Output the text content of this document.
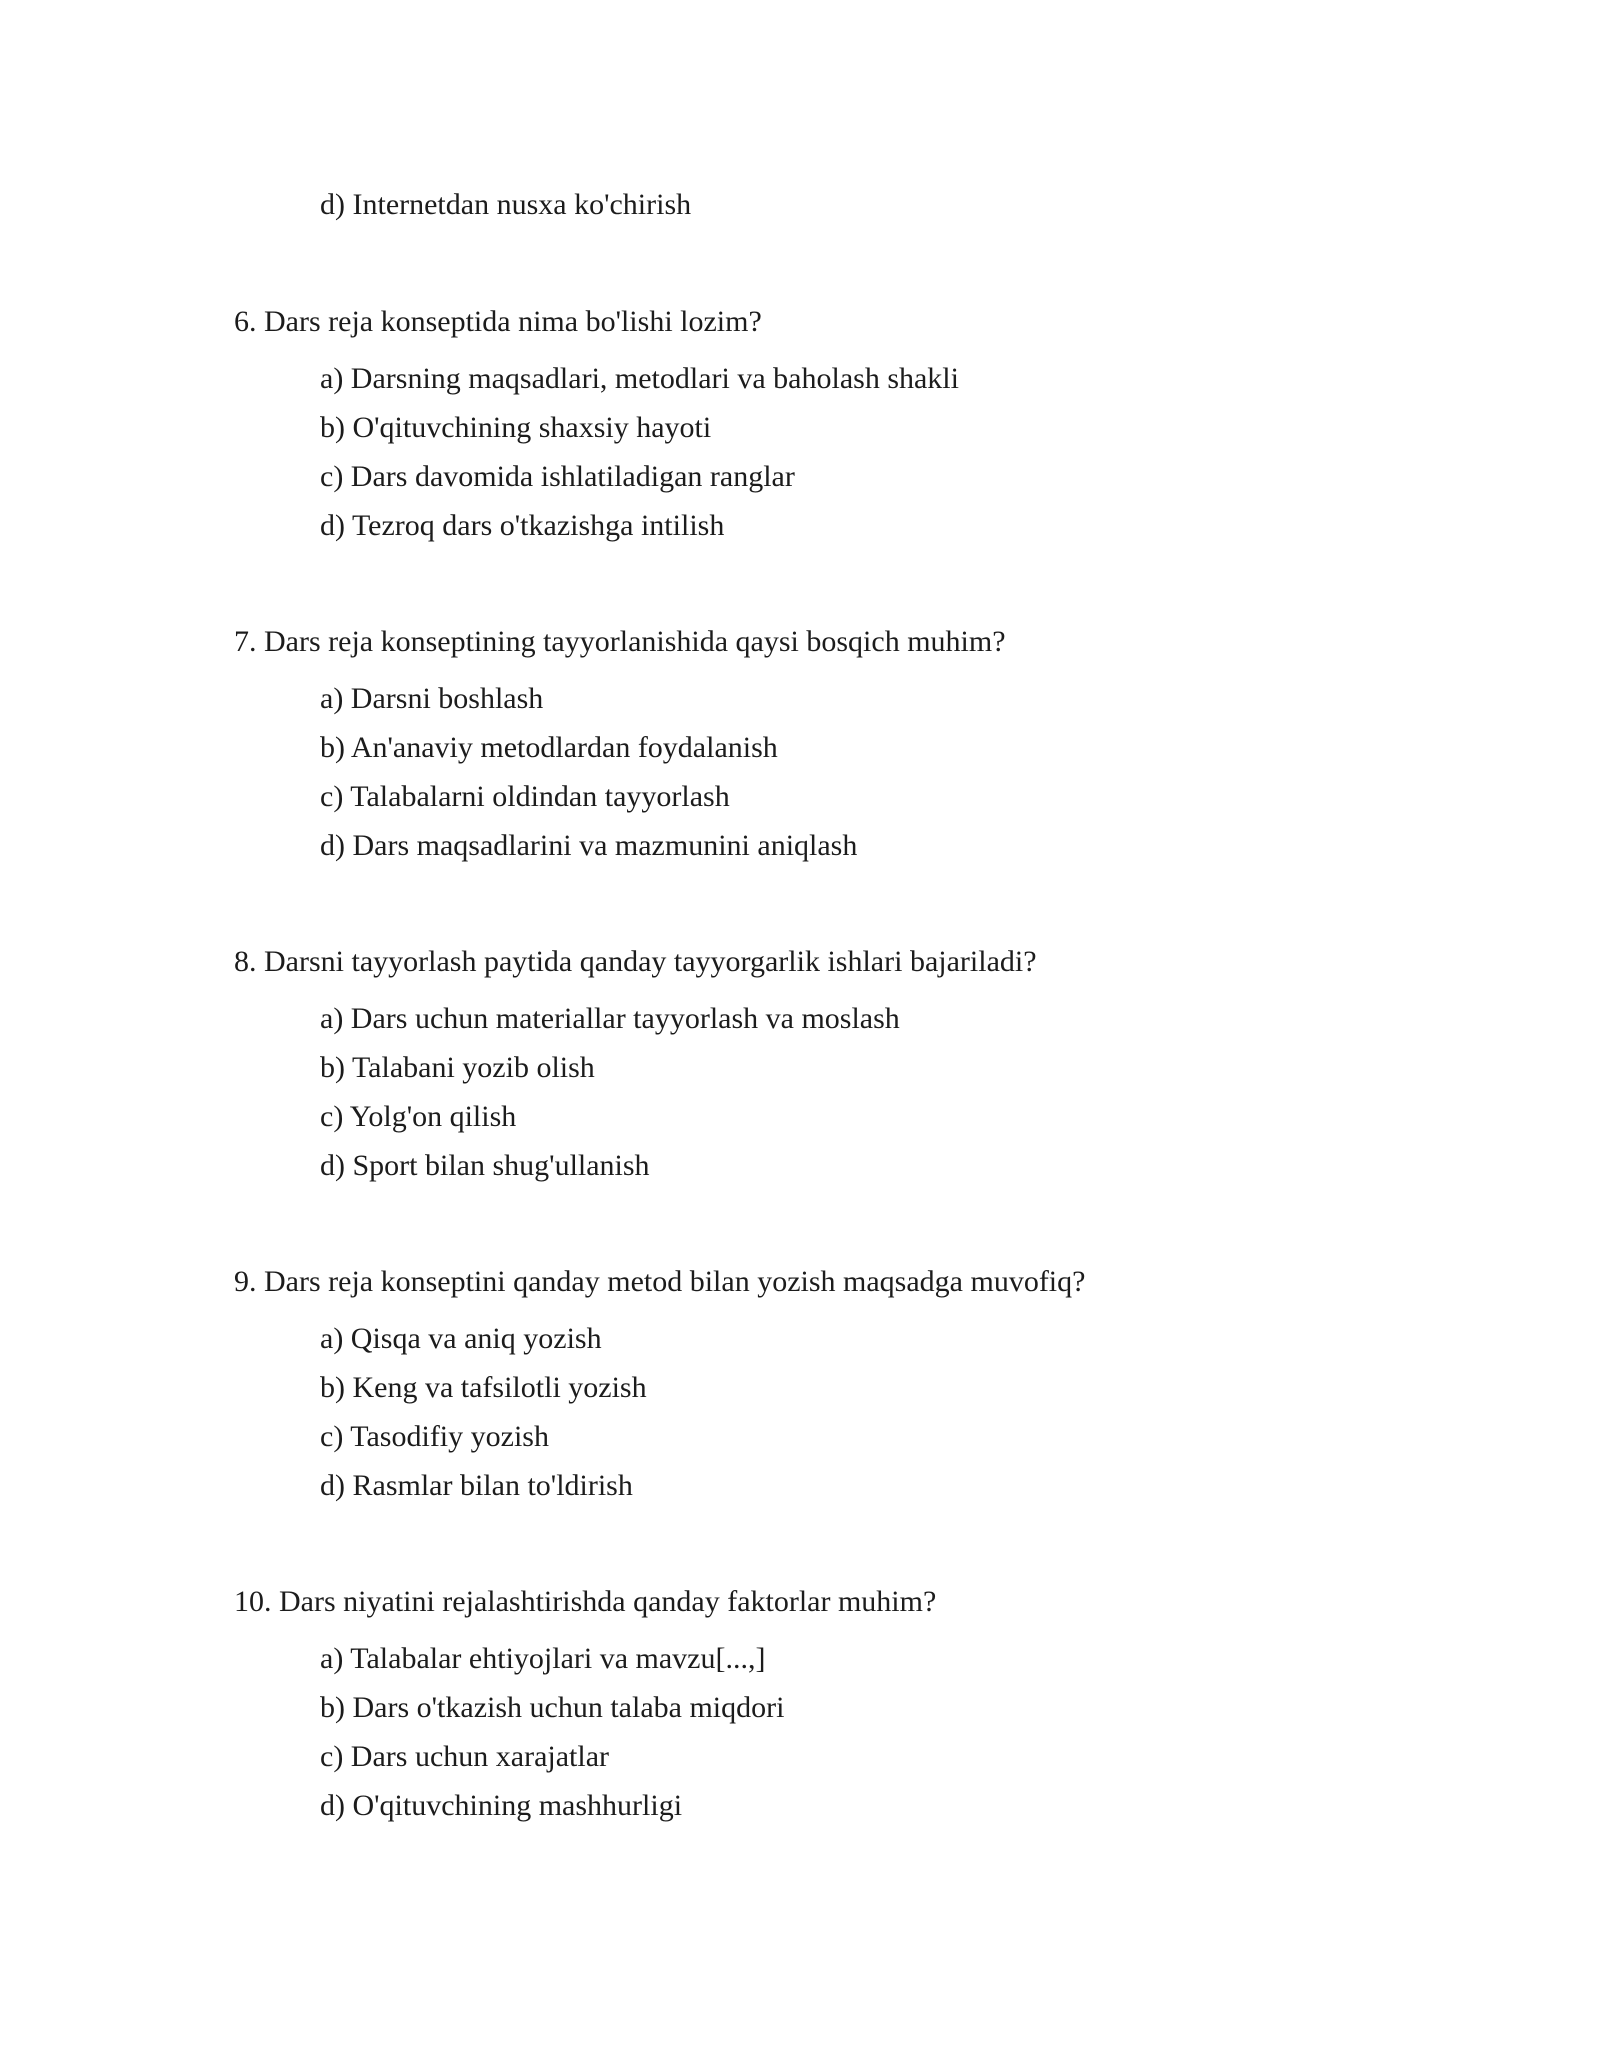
d) Internetdan nusxa ko'chirish
6. Dars reja konseptida nima bo'lishi lozim?
a) Darsning maqsadlari, metodlari va baholash shakli
b) O'qituvchining shaxsiy hayoti
c) Dars davomida ishlatiladigan ranglar
d) Tezroq dars o'tkazishga intilish
7. Dars reja konseptining tayyorlanishida qaysi bosqich muhim?
a) Darsni boshlash
b) An'anaviy metodlardan foydalanish
c) Talabalarni oldindan tayyorlash
d) Dars maqsadlarini va mazmunini aniqlash
8. Darsni tayyorlash paytida qanday tayyorgarlik ishlari bajariladi?
a) Dars uchun materiallar tayyorlash va moslash
b) Talabani yozib olish
c) Yolg'on qilish
d) Sport bilan shug'ullanish
9. Dars reja konseptini qanday metod bilan yozish maqsadga muvofiq?
a) Qisqa va aniq yozish
b) Keng va tafsilotli yozish
c) Tasodifiy yozish
d) Rasmlar bilan to'ldirish
10. Dars niyatini rejalashtirishda qanday faktorlar muhim?
a) Talabalar ehtiyojlari va mavzu[...,]
b) Dars o'tkazish uchun talaba miqdori
c) Dars uchun xarajatlar
d) O'qituvchining mashhurligi
